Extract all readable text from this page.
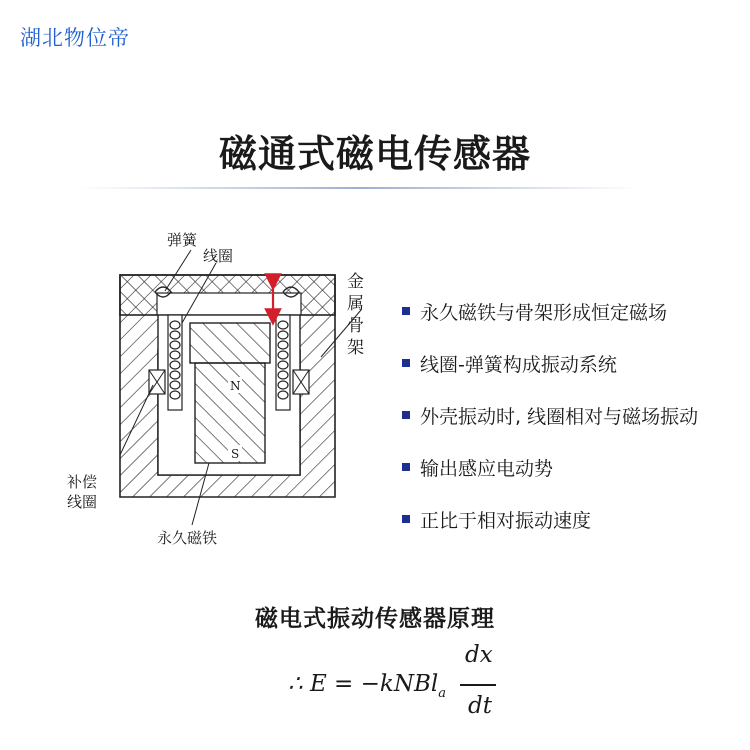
湖北物位帝
磁通式磁电传感器
弹簧
线圈
金
属
骨
架
补偿
线圈
永久磁铁
N
S
永久磁铁与骨架形成恒定磁场
线圈-弹簧构成振动系统
外壳振动时, 线圈相对与磁场振动
输出感应电动势
正比于相对振动速度
磁电式振动传感器原理
∴ E = −kNBl$_a$
dx
dt
